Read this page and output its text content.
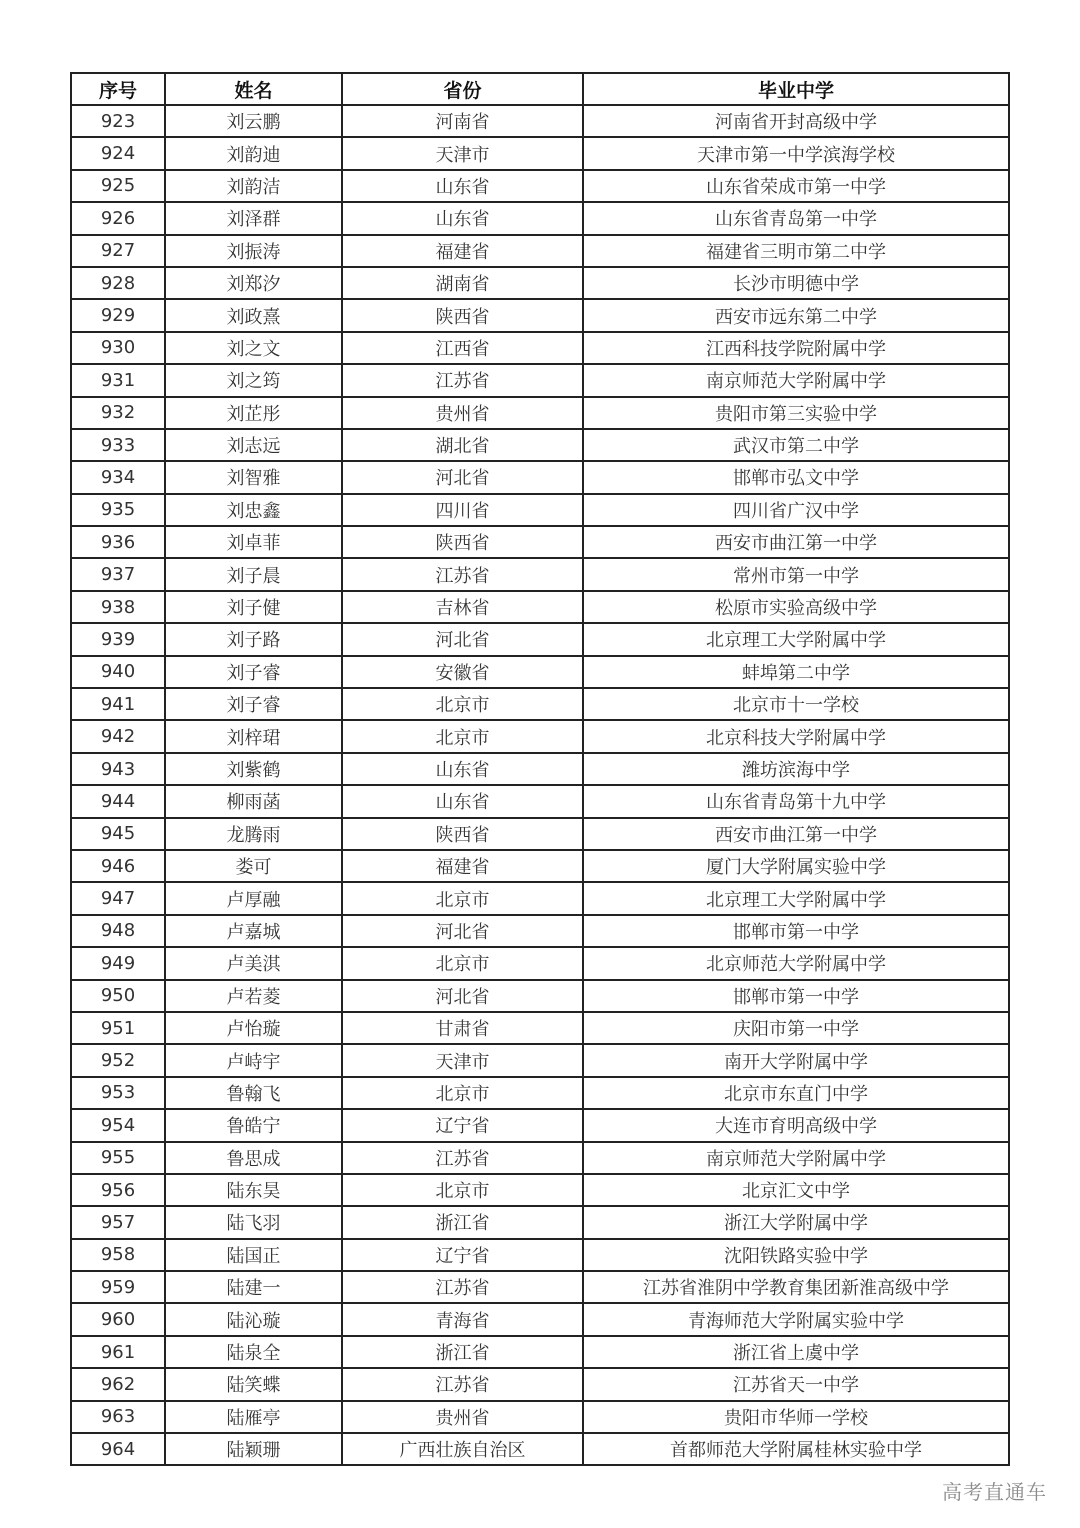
序号	姓名	省份	毕业中学
923	刘云鹏	河南省	河南省开封高级中学
924	刘韵迪	天津市	天津市第一中学滨海学校
925	刘韵洁	山东省	山东省荣成市第一中学
926	刘泽群	山东省	山东省青岛第一中学
927	刘振涛	福建省	福建省三明市第二中学
928	刘郑汐	湖南省	长沙市明德中学
929	刘政熹	陕西省	西安市远东第二中学
930	刘之文	江西省	江西科技学院附属中学
931	刘之筠	江苏省	南京师范大学附属中学
932	刘芷彤	贵州省	贵阳市第三实验中学
933	刘志远	湖北省	武汉市第二中学
934	刘智雅	河北省	邯郸市弘文中学
935	刘忠鑫	四川省	四川省广汉中学
936	刘卓菲	陕西省	西安市曲江第一中学
937	刘子晨	江苏省	常州市第一中学
938	刘子健	吉林省	松原市实验高级中学
939	刘子路	河北省	北京理工大学附属中学
940	刘子睿	安徽省	蚌埠第二中学
941	刘子睿	北京市	北京市十一学校
942	刘梓珺	北京市	北京科技大学附属中学
943	刘紫鹤	山东省	潍坊滨海中学
944	柳雨菡	山东省	山东省青岛第十九中学
945	龙腾雨	陕西省	西安市曲江第一中学
946	娄可	福建省	厦门大学附属实验中学
947	卢厚融	北京市	北京理工大学附属中学
948	卢嘉城	河北省	邯郸市第一中学
949	卢美淇	北京市	北京师范大学附属中学
950	卢若菱	河北省	邯郸市第一中学
951	卢怡璇	甘肃省	庆阳市第一中学
952	卢峙宇	天津市	南开大学附属中学
953	鲁翰飞	北京市	北京市东直门中学
954	鲁皓宁	辽宁省	大连市育明高级中学
955	鲁思成	江苏省	南京师范大学附属中学
956	陆东昊	北京市	北京汇文中学
957	陆飞羽	浙江省	浙江大学附属中学
958	陆国正	辽宁省	沈阳铁路实验中学
959	陆建一	江苏省	江苏省淮阴中学教育集团新淮高级中学
960	陆沁璇	青海省	青海师范大学附属实验中学
961	陆泉全	浙江省	浙江省上虞中学
962	陆笑蝶	江苏省	江苏省天一中学
963	陆雁亭	贵州省	贵阳市华师一学校
964	陆颖珊	广西壮族自治区	首都师范大学附属桂林实验中学
高考直通车
